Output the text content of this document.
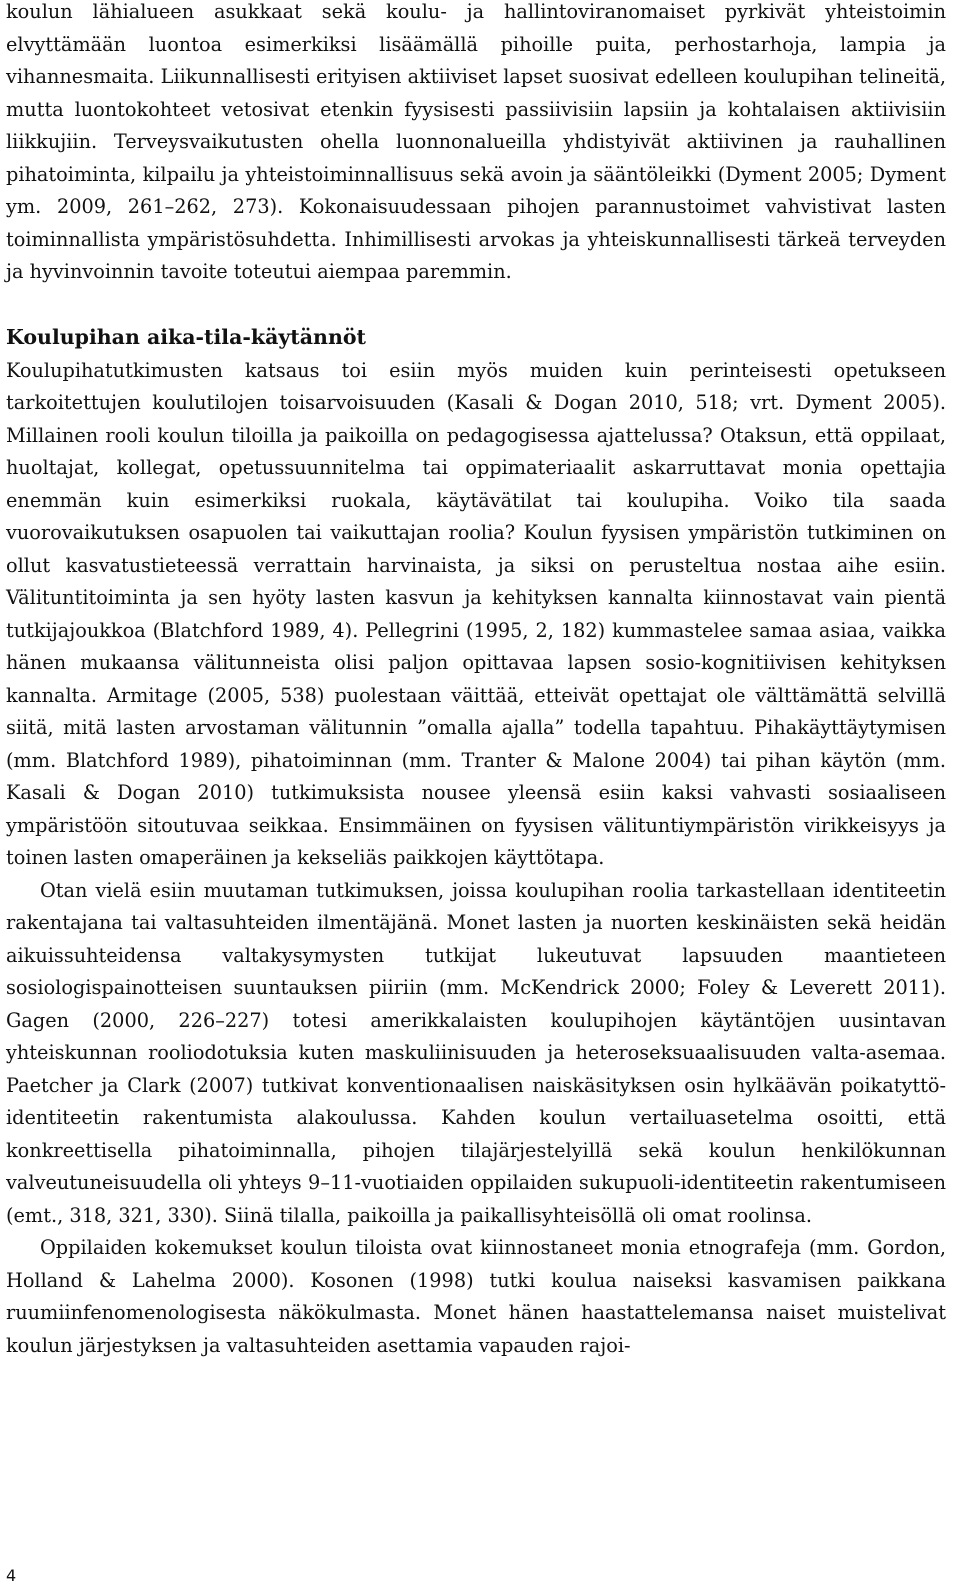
koulun lähialueen asukkaat sekä koulu- ja hallintoviranomaiset pyrkivät yhteistoimin elvyttämään luontoa esimerkiksi lisäämällä pihoille puita, perhostarhoja, lampia ja vihannesmaita. Liikunnallisesti erityisen aktiiviset lapset suosivat edelleen koulupihan telineitä, mutta luontokohteet vetosivat etenkin fyysisesti passiivisiin lapsiin ja kohtalaisen aktiivisiin liikkujiin. Terveysvaikutusten ohella luonnonalueilla yhdistyivät aktiivinen ja rauhallinen pihatoiminta, kilpailu ja yhteistoiminnallisuus sekä avoin ja sääntöleikki (Dyment 2005; Dyment ym. 2009, 261–262, 273). Kokonaisuudessaan pihojen parannustoimet vahvistivat lasten toiminnallista ympäristösuhdetta. Inhimillisesti arvokas ja yhteiskunnallisesti tärkeä terveyden ja hyvinvoinnin tavoite toteutui aiempaa paremmin.

Koulupihan aika-tila-käytännöt

Koulupihatutkimusten katsaus toi esiin myös muiden kuin perinteisesti opetukseen tarkoitettujen koulutilojen toisarvoisuuden (Kasali & Dogan 2010, 518; vrt. Dyment 2005). Millainen rooli koulun tiloilla ja paikoilla on pedagogisessa ajattelussa? Otaksun, että oppilaat, huoltajat, kollegat, opetussuunnitelma tai oppimateriaalit askarruttavat monia opettajia enemmän kuin esimerkiksi ruokala, käytävätilat tai koulupiha. Voiko tila saada vuorovaikutuksen osapuolen tai vaikuttajan roolia? Koulun fyysisen ympäristön tutkiminen on ollut kasvatustieteessä verrattain harvinaista, ja siksi on perusteltua nostaa aihe esiin. Välituntitoiminta ja sen hyöty lasten kasvun ja kehityksen kannalta kiinnostavat vain pientä tutkijajoukkoa (Blatchford 1989, 4). Pellegrini (1995, 2, 182) kummastelee samaa asiaa, vaikka hänen mukaansa välitunneista olisi paljon opittavaa lapsen sosio-kognitiivisen kehityksen kannalta. Armitage (2005, 538) puolestaan väittää, etteivät opettajat ole välttämättä selvillä siitä, mitä lasten arvostaman välitunnin ”omalla ajalla” todella tapahtuu. Pihakäyttäytymisen (mm. Blatchford 1989), pihatoiminnan (mm. Tranter & Malone 2004) tai pihan käytön (mm. Kasali & Dogan 2010) tutkimuksista nousee yleensä esiin kaksi vahvasti sosiaaliseen ympäristöön sitoutuvaa seikkaa. Ensimmäinen on fyysisen välituntiympäristön virikkeisyys ja toinen lasten omaperäinen ja kekseliäs paikkojen käyttötapa.

Otan vielä esiin muutaman tutkimuksen, joissa koulupihan roolia tarkastellaan identiteetin rakentajana tai valtasuhteiden ilmentäjänä. Monet lasten ja nuorten keskinäisten sekä heidän aikuissuhteidensa valtakysymysten tutkijat lukeutuvat lapsuuden maantieteen sosiologispainotteisen suuntauksen piiriin (mm. McKendrick 2000; Foley & Leverett 2011). Gagen (2000, 226–227) totesi amerikkalaisten koulupihojen käytäntöjen uusintavan yhteiskunnan rooliodotuksia kuten maskuliinisuuden ja heteroseksuaalisuuden valta-asemaa. Paetcher ja Clark (2007) tutkivat konventionaalisen naiskäsityksen osin hylkäävän poikatyttö-identiteetin rakentumista alakoulussa. Kahden koulun vertailuasetelma osoitti, että konkreettisella pihatoiminnalla, pihojen tilajärjestelyillä sekä koulun henkilökunnan valveutuneisuudella oli yhteys 9–11-vuotiaiden oppilaiden sukupuoli-identiteetin rakentumiseen (emt., 318, 321, 330). Siinä tilalla, paikoilla ja paikallisyhteisöllä oli omat roolinsa.

Oppilaiden kokemukset koulun tiloista ovat kiinnostaneet monia etnografeja (mm. Gordon, Holland & Lahelma 2000). Kosonen (1998) tutki koulua naiseksi kasvamisen paikkana ruumiinfenomenologisesta näkökulmasta. Monet hänen haastattelemansa naiset muistelivat koulun järjestyksen ja valtasuhteiden asettamia vapauden rajoi-

4
